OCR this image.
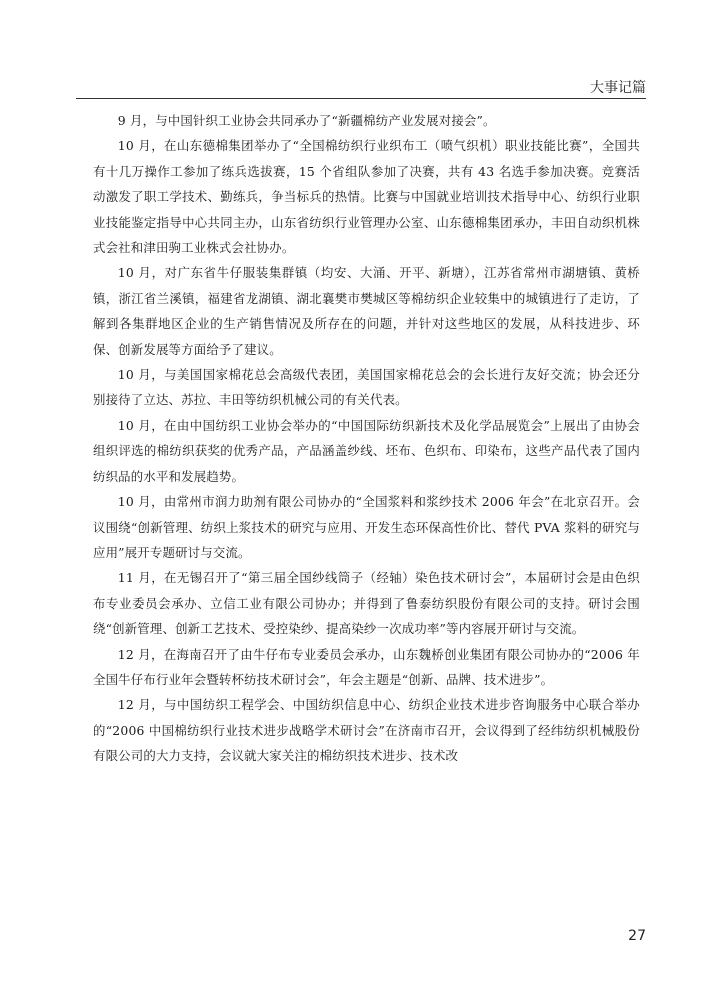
大事记篇

9 月，与中国针织工业协会共同承办了“新疆棉纺产业发展对接会”。

10 月，在山东德棉集团举办了“全国棉纺织行业织布工（喷气织机）职业技能比赛”，全国共有十几万操作工参加了练兵选拔赛，15 个省组队参加了决赛，共有 43 名选手参加决赛。竞赛活动激发了职工学技术、勤练兵，争当标兵的热情。比赛与中国就业培训技术指导中心、纺织行业职业技能鉴定指导中心共同主办，山东省纺织行业管理办公室、山东德棉集团承办，丰田自动织机株式会社和津田驹工业株式会社协办。

10 月，对广东省牛仔服装集群镇（均安、大涌、开平、新塘），江苏省常州市湖塘镇、黄桥镇，浙江省兰溪镇，福建省龙湖镇、湖北襄樊市樊城区等棉纺织企业较集中的城镇进行了走访，了解到各集群地区企业的生产销售情况及所存在的问题，并针对这些地区的发展，从科技进步、环保、创新发展等方面给予了建议。

10 月，与美国国家棉花总会高级代表团，美国国家棉花总会的会长进行友好交流；协会还分别接待了立达、苏拉、丰田等纺织机械公司的有关代表。

10 月，在由中国纺织工业协会举办的“中国国际纺织新技术及化学品展览会”上展出了由协会组织评选的棉纺织获奖的优秀产品，产品涵盖纱线、坯布、色织布、印染布，这些产品代表了国内纺织品的水平和发展趋势。

10 月，由常州市润力助剂有限公司协办的“全国浆料和浆纱技术 2006 年会”在北京召开。会议围绕“创新管理、纺织上浆技术的研究与应用、开发生态环保高性价比、替代 PVA 浆料的研究与应用”展开专题研讨与交流。

11 月，在无锡召开了“第三届全国纱线筒子（经轴）染色技术研讨会”，本届研讨会是由色织布专业委员会承办、立信工业有限公司协办；并得到了鲁泰纺织股份有限公司的支持。研讨会围绕“创新管理、创新工艺技术、受控染纱、提高染纱一次成功率”等内容展开研讨与交流。

12 月，在海南召开了由牛仔布专业委员会承办，山东魏桥创业集团有限公司协办的“2006 年全国牛仔布行业年会暨转杯纺技术研讨会”，年会主题是“创新、品牌、技术进步”。

12 月，与中国纺织工程学会、中国纺织信息中心、纺织企业技术进步咨询服务中心联合举办的“2006 中国棉纺织行业技术进步战略学术研讨会”在济南市召开，会议得到了经纬纺织机械股份有限公司的大力支持，会议就大家关注的棉纺织技术进步、技术改

27
